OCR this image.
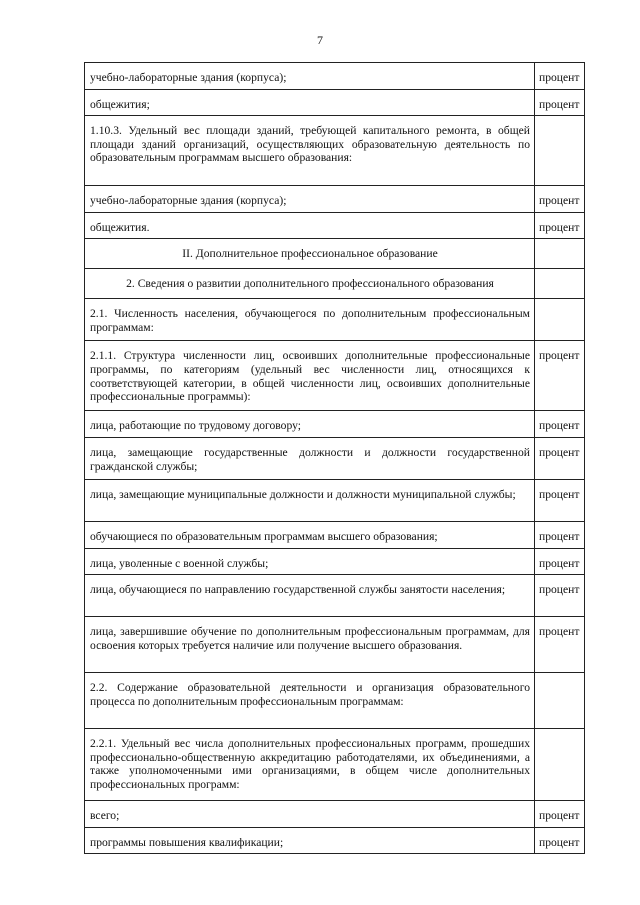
7
учебно-лабораторные здания (корпуса);	процент

общежития;	процент

1.10.3. Удельный вес площади зданий, требующей капитального ремонта, в общей площади зданий организаций, осуществляющих образовательную деятельность по образовательным программам высшего образования:	

учебно-лабораторные здания (корпуса);	процент

общежития.	процент

II. Дополнительное профессиональное образование	

2. Сведения о развитии дополнительного профессионального образования	

2.1. Численность населения, обучающегося по дополнительным профессиональным программам:	

2.1.1. Структура численности лиц, освоивших дополнительные профессиональные программы, по категориям (удельный вес численности лиц, относящихся к соответствующей категории, в общей численности лиц, освоивших дополнительные профессиональные программы):	процент

лица, работающие по трудовому договору;	процент

лица, замещающие государственные должности и должности государственной гражданской службы;	процент

лица, замещающие муниципальные должности и должности муниципальной службы;	процент

обучающиеся по образовательным программам высшего образования;	процент

лица, уволенные с военной службы;	процент

лица, обучающиеся по направлению государственной службы занятости населения;	процент

лица, завершившие обучение по дополнительным профессиональным программам, для освоения которых требуется наличие или получение высшего образования.	процент

2.2. Содержание образовательной деятельности и организация образовательного процесса по дополнительным профессиональным программам:	

2.2.1. Удельный вес числа дополнительных профессиональных программ, прошедших профессионально-общественную аккредитацию работодателями, их объединениями, а также уполномоченными ими организациями, в общем числе дополнительных профессиональных программ:	

всего;	процент

программы повышения квалификации;	процент
